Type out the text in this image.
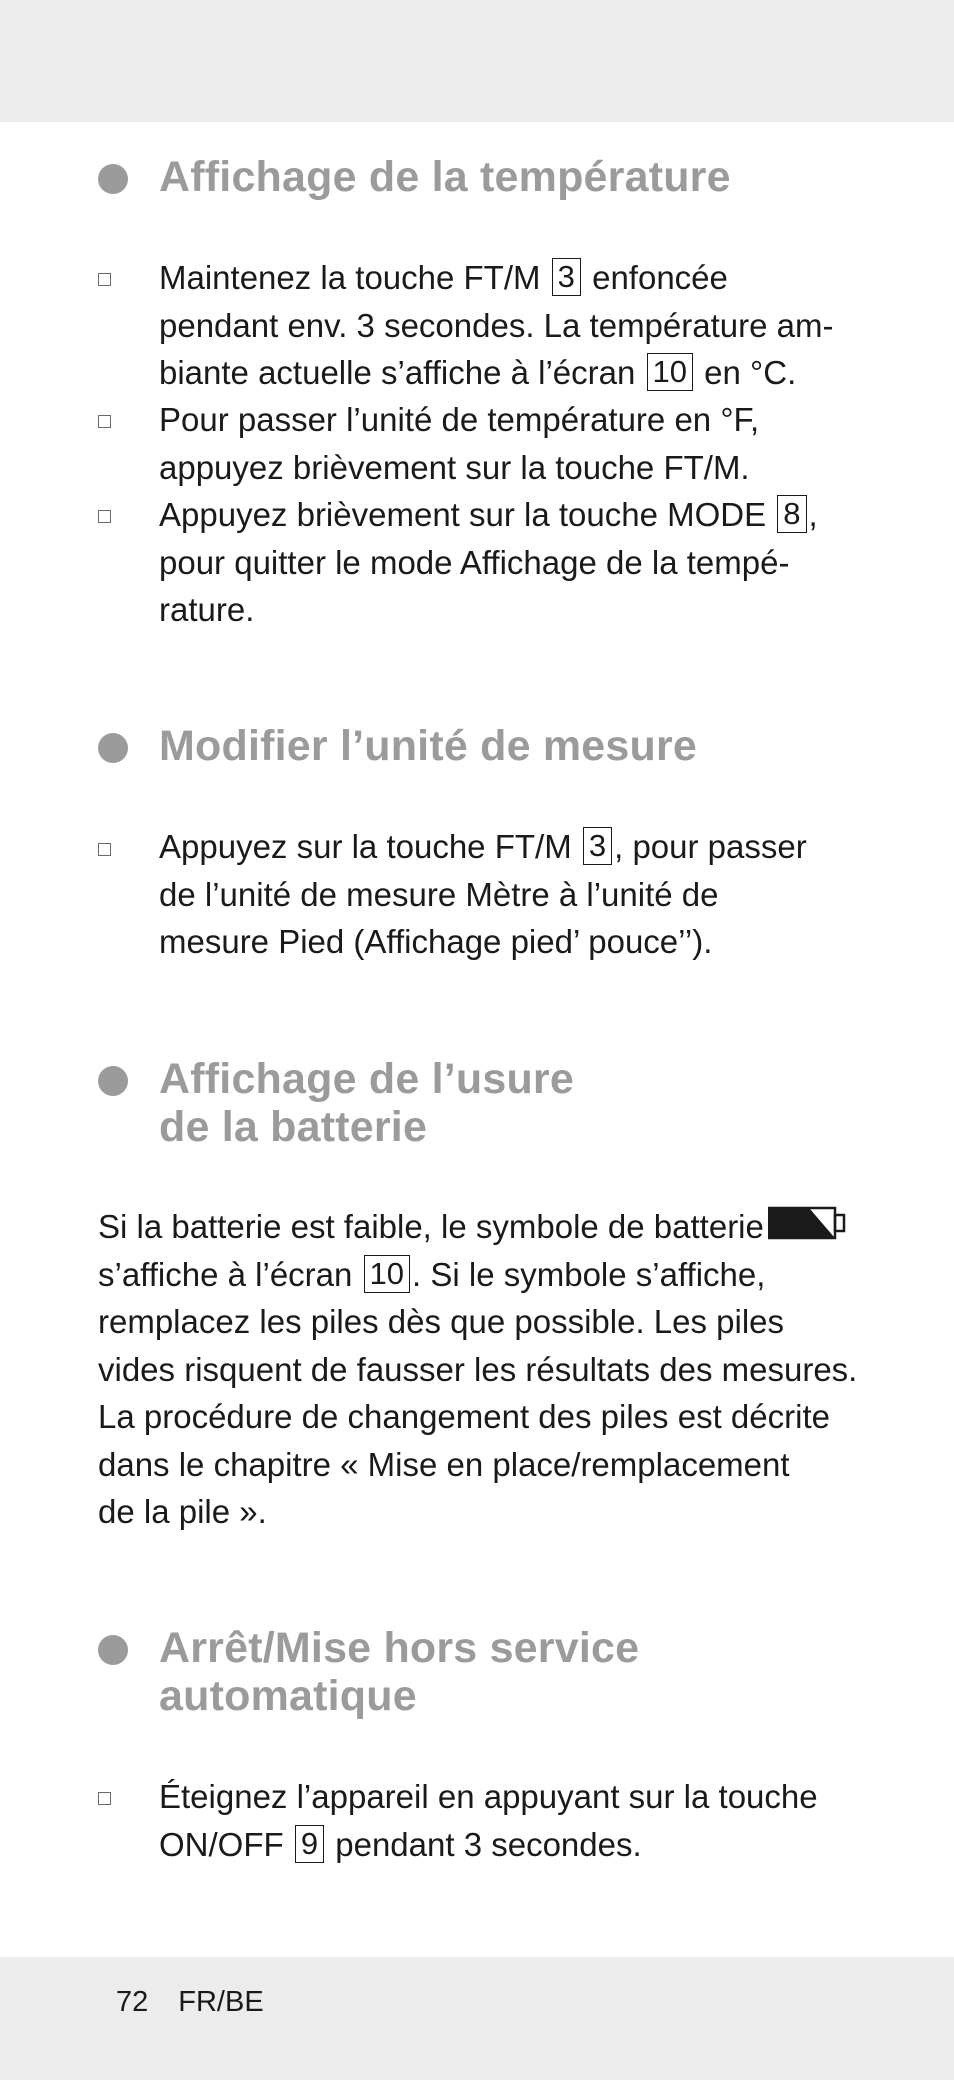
Affichage de la température
Maintenez la touche FT/M 3 enfoncée
pendant env. 3 secondes. La température am-
biante actuelle s’affiche à l’écran 10 en °C.
Pour passer l’unité de température en °F,
appuyez brièvement sur la touche FT/M.
Appuyez brièvement sur la touche MODE 8 ,
pour quitter le mode Affichage de la tempé-
rature.
Modifier l’unité de mesure
Appuyez sur la touche FT/M 3 , pour passer
de l’unité de mesure Mètre à l’unité de
mesure Pied (Affichage pied’ pouce’’).
Affichage de l’usure
de la batterie
Si la batterie est faible, le symbole de batterie
s’affiche à l’écran 10 . Si le symbole s’affiche,
remplacez les piles dès que possible. Les piles
vides risquent de fausser les résultats des mesures.
La procédure de changement des piles est décrite
dans le chapitre « Mise en place/remplacement
de la pile ».
Arrêt/Mise hors service
automatique
Éteignez l’appareil en appuyant sur la touche
ON/OFF 9 pendant 3 secondes.
72 FR/BE
